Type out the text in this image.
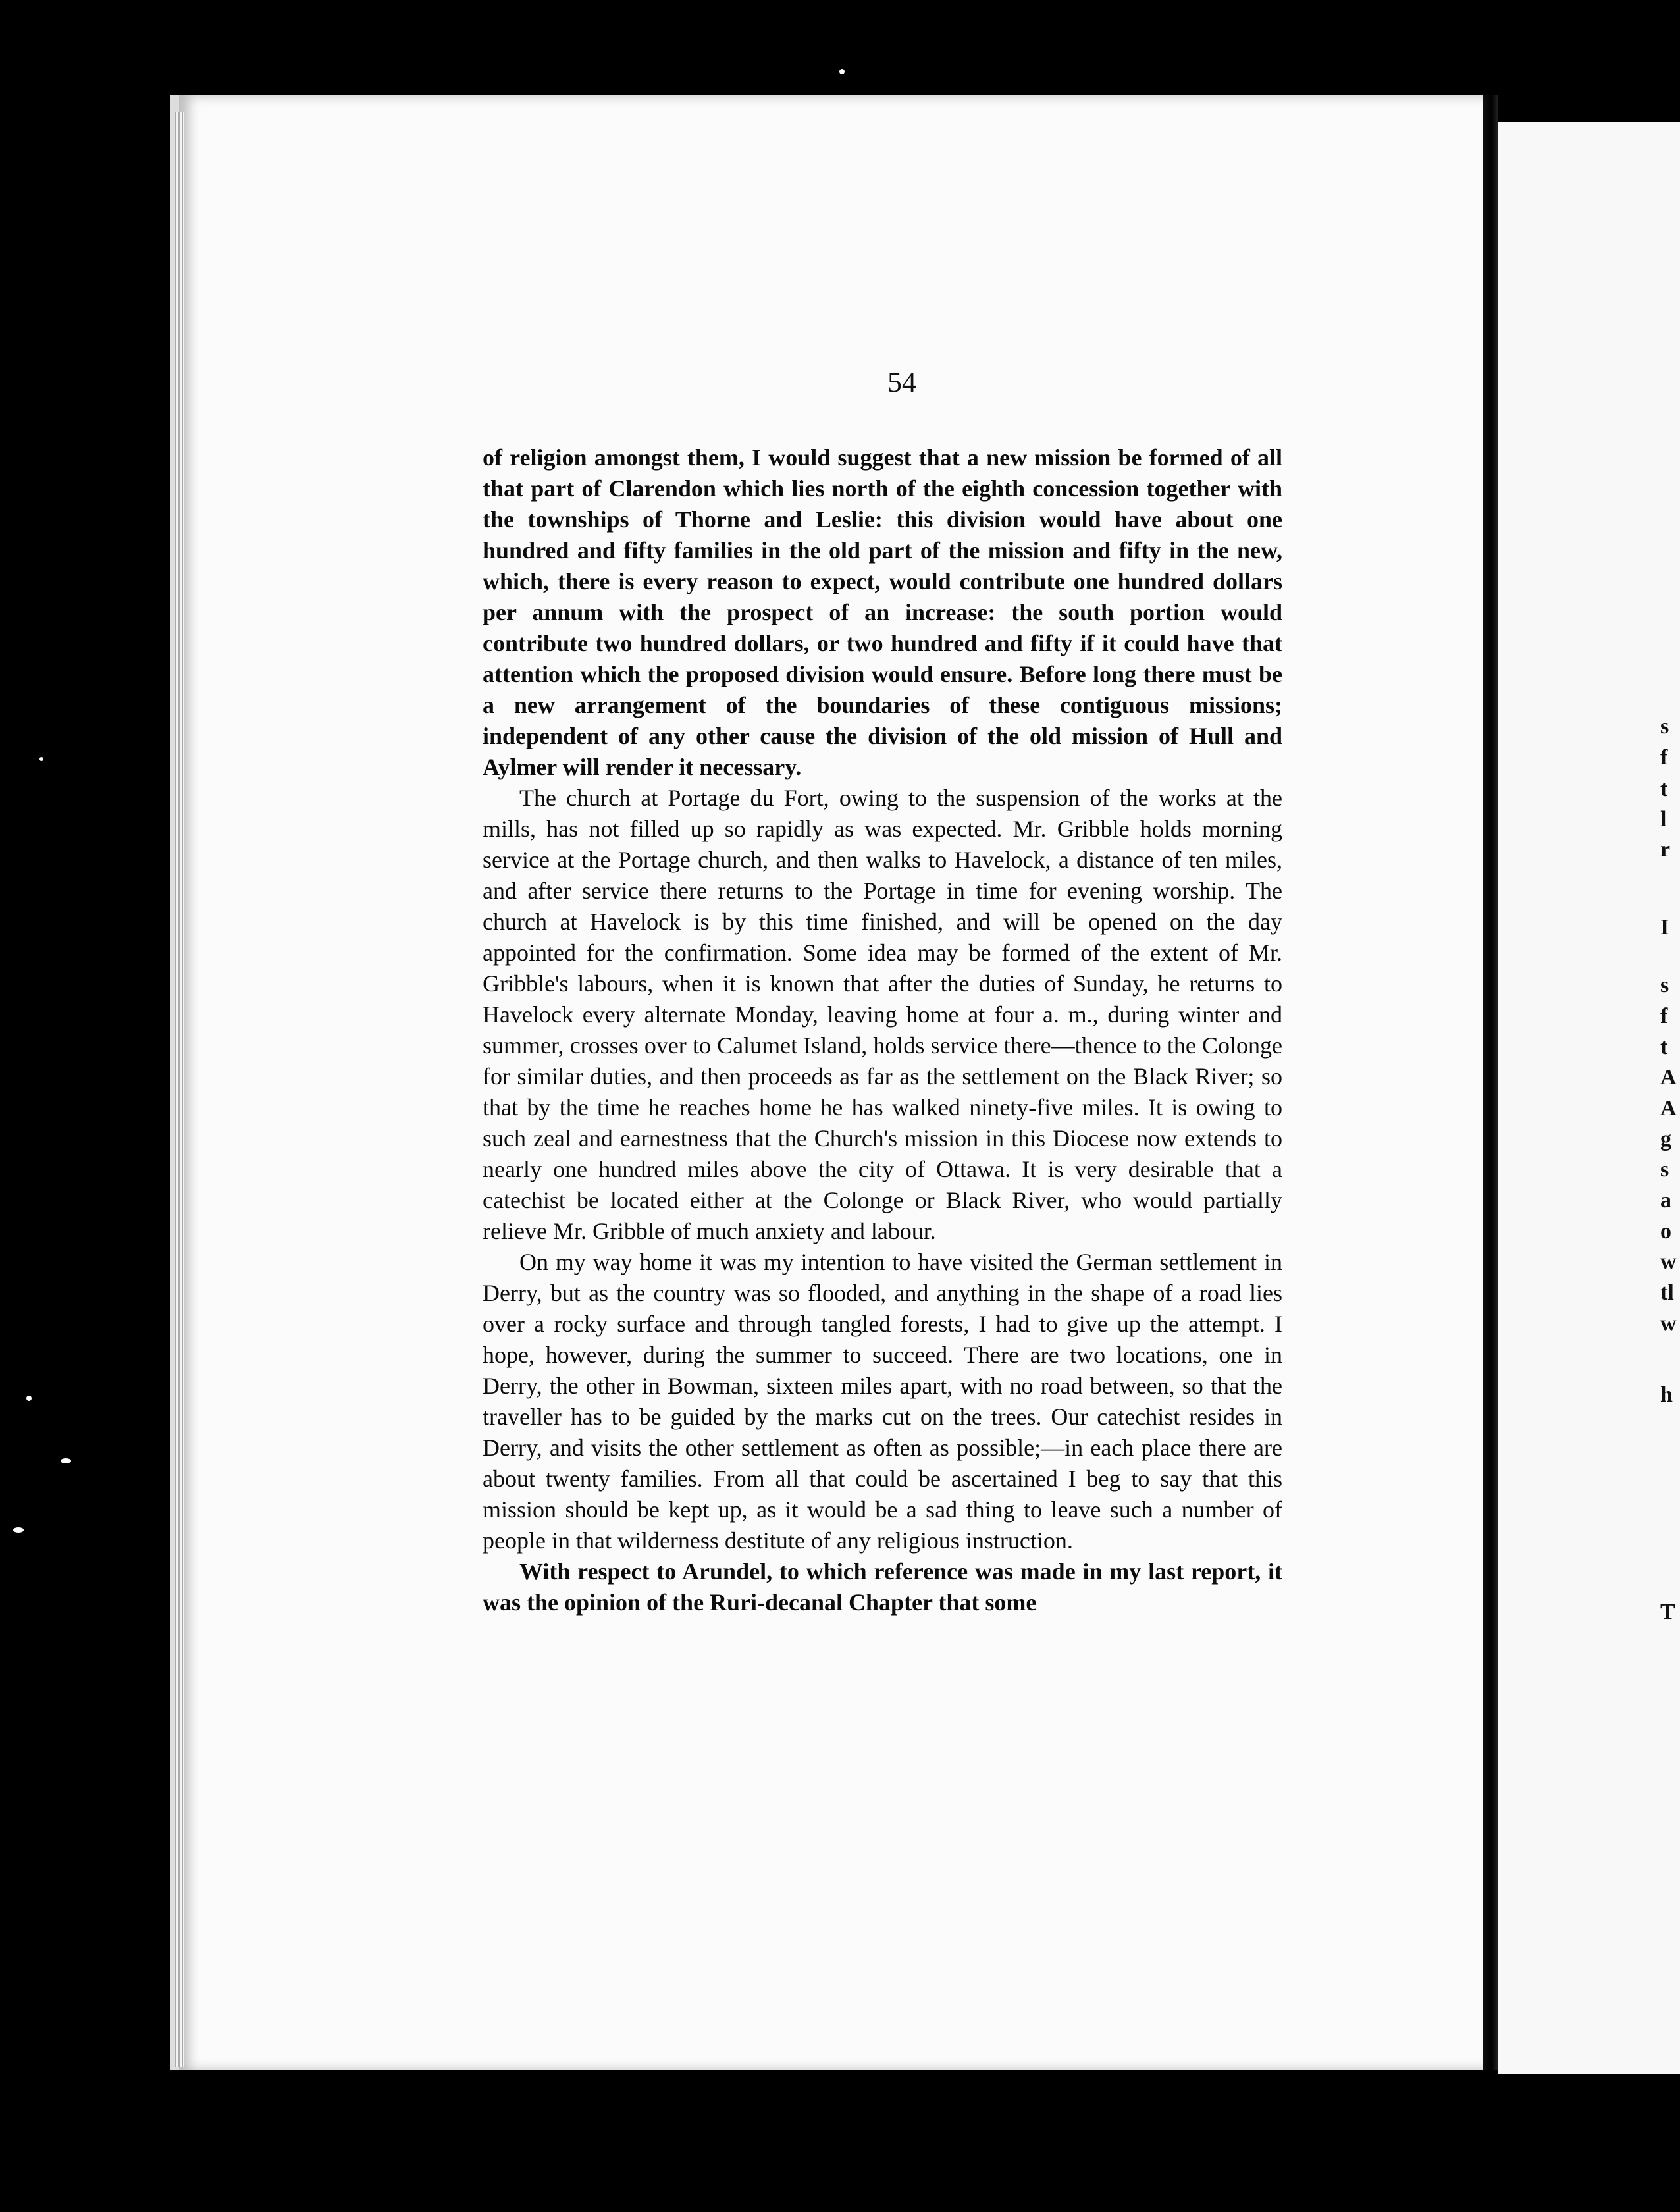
54

of religion amongst them, I would suggest that a new mission be formed of all that part of Clarendon which lies north of the eighth concession together with the townships of Thorne and Leslie: this division would have about one hundred and fifty families in the old part of the mission and fifty in the new, which, there is every reason to expect, would contribute one hundred dollars per annum with the prospect of an increase: the south portion would contribute two hundred dollars, or two hundred and fifty if it could have that attention which the proposed division would ensure. Before long there must be a new arrangement of the boundaries of these contiguous missions; independent of any other cause the division of the old mission of Hull and Aylmer will render it necessary.

The church at Portage du Fort, owing to the suspension of the works at the mills, has not filled up so rapidly as was expected. Mr. Gribble holds morning service at the Portage church, and then walks to Havelock, a distance of ten miles, and after service there returns to the Portage in time for evening worship. The church at Havelock is by this time finished, and will be opened on the day appointed for the confirmation. Some idea may be formed of the extent of Mr. Gribble's labours, when it is known that after the duties of Sunday, he returns to Havelock every alternate Monday, leaving home at four a. m., during winter and summer, crosses over to Calumet Island, holds service there—thence to the Colonge for similar duties, and then proceeds as far as the settlement on the Black River; so that by the time he reaches home he has walked ninety-five miles. It is owing to such zeal and earnestness that the Church's mission in this Diocese now extends to nearly one hundred miles above the city of Ottawa. It is very desirable that a catechist be located either at the Colonge or Black River, who would partially relieve Mr. Gribble of much anxiety and labour.

On my way home it was my intention to have visited the German settlement in Derry, but as the country was so flooded, and anything in the shape of a road lies over a rocky surface and through tangled forests, I had to give up the attempt. I hope, however, during the summer to succeed. There are two locations, one in Derry, the other in Bowman, sixteen miles apart, with no road between, so that the traveller has to be guided by the marks cut on the trees. Our catechist resides in Derry, and visits the other settlement as often as possible;—in each place there are about twenty families. From all that could be ascertained I beg to say that this mission should be kept up, as it would be a sad thing to leave such a number of people in that wilderness destitute of any religious instruction.

With respect to Arundel, to which reference was made in my last report, it was the opinion of the Ruri-decanal Chapter that some

s
f
t
l
r
I
s
f
t
A
A
g
s
a
o
w
tl
w
h
T
